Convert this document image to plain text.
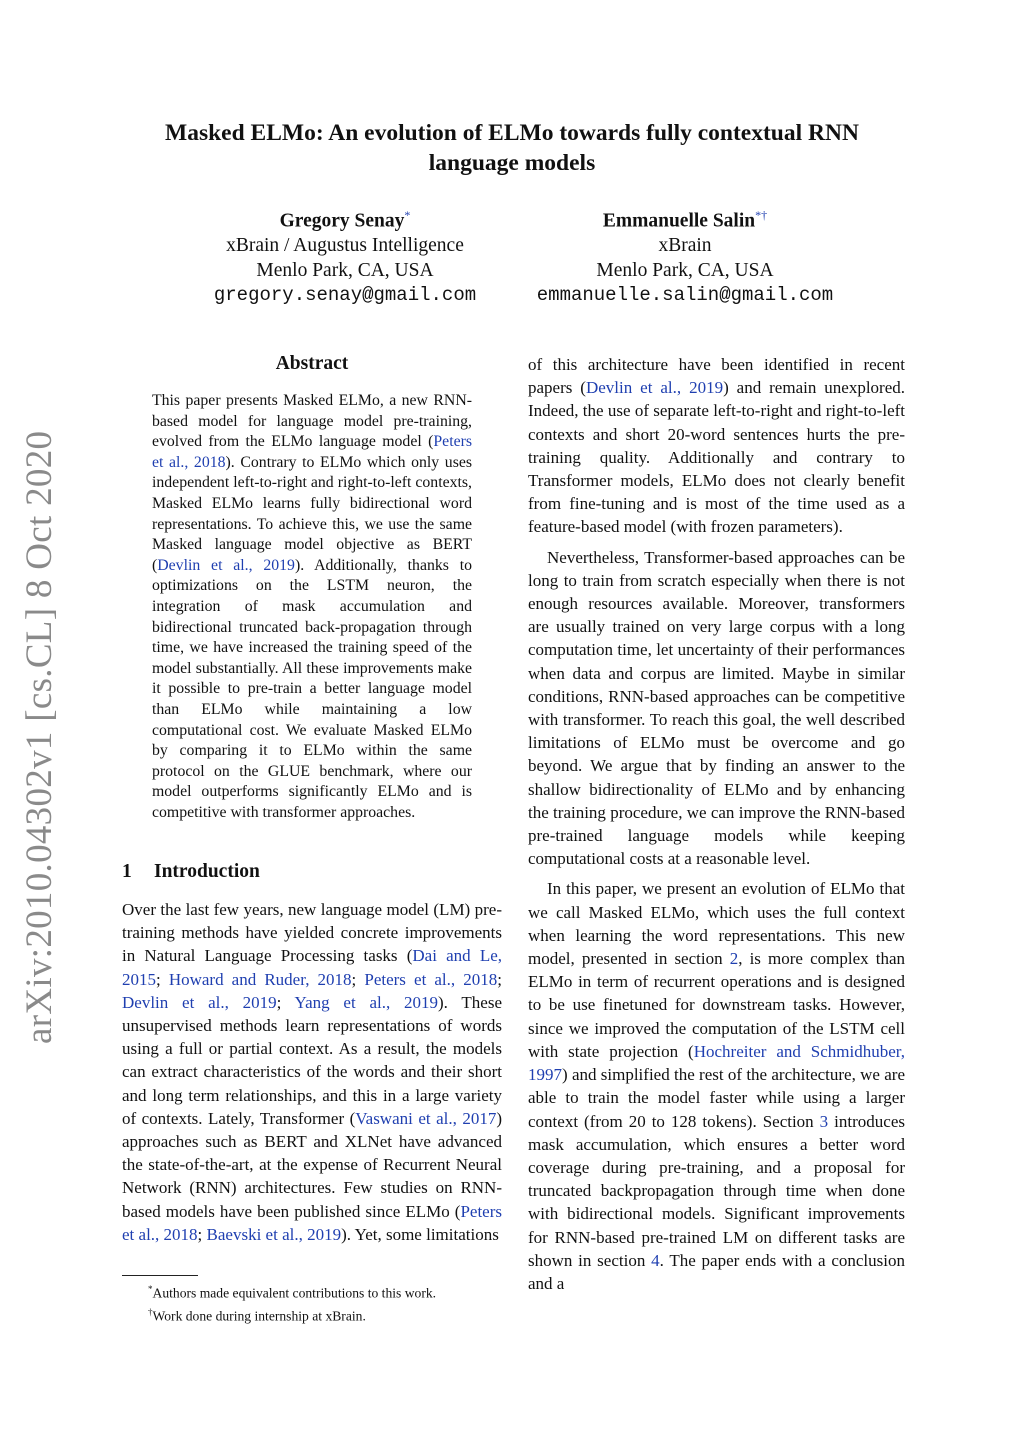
arXiv:2010.04302v1 [cs.CL] 8 Oct 2020
Masked ELMo: An evolution of ELMo towards fully contextual RNN language models
Gregory Senay*
xBrain / Augustus Intelligence
Menlo Park, CA, USA
gregory.senay@gmail.com
Emmanuelle Salin*†
xBrain
Menlo Park, CA, USA
emmanuelle.salin@gmail.com
Abstract
This paper presents Masked ELMo, a new RNN-based model for language model pre-training, evolved from the ELMo language model (Peters et al., 2018). Contrary to ELMo which only uses independent left-to-right and right-to-left contexts, Masked ELMo learns fully bidirectional word representations. To achieve this, we use the same Masked language model objective as BERT (Devlin et al., 2019). Additionally, thanks to optimizations on the LSTM neuron, the integration of mask accumulation and bidirectional truncated back-propagation through time, we have increased the training speed of the model substantially. All these improvements make it possible to pre-train a better language model than ELMo while maintaining a low computational cost. We evaluate Masked ELMo by comparing it to ELMo within the same protocol on the GLUE benchmark, where our model outperforms significantly ELMo and is competitive with transformer approaches.
1 Introduction

Over the last few years, new language model (LM) pre-training methods have yielded concrete improvements in Natural Language Processing tasks (Dai and Le, 2015; Howard and Ruder, 2018; Peters et al., 2018; Devlin et al., 2019; Yang et al., 2019). These unsupervised methods learn representations of words using a full or partial context. As a result, the models can extract characteristics of the words and their short and long term relationships, and this in a large variety of contexts. Lately, Transformer (Vaswani et al., 2017) approaches such as BERT and XLNet have advanced the state-of-the-art, at the expense of Recurrent Neural Network (RNN) architectures. Few studies on RNN-based models have been published since ELMo (Peters et al., 2018; Baevski et al., 2019). Yet, some limitations

*Authors made equivalent contributions to this work.
†Work done during internship at xBrain.

of this architecture have been identified in recent papers (Devlin et al., 2019) and remain unexplored. Indeed, the use of separate left-to-right and right-to-left contexts and short 20-word sentences hurts the pre-training quality. Additionally and contrary to Transformer models, ELMo does not clearly benefit from fine-tuning and is most of the time used as a feature-based model (with frozen parameters).

Nevertheless, Transformer-based approaches can be long to train from scratch especially when there is not enough resources available. Moreover, transformers are usually trained on very large corpus with a long computation time, let uncertainty of their performances when data and corpus are limited. Maybe in similar conditions, RNN-based approaches can be competitive with transformer. To reach this goal, the well described limitations of ELMo must be overcome and go beyond. We argue that by finding an answer to the shallow bidirectionality of ELMo and by enhancing the training procedure, we can improve the RNN-based pre-trained language models while keeping computational costs at a reasonable level.

In this paper, we present an evolution of ELMo that we call Masked ELMo, which uses the full context when learning the word representations. This new model, presented in section 2, is more complex than ELMo in term of recurrent operations and is designed to be use finetuned for downstream tasks. However, since we improved the computation of the LSTM cell with state projection (Hochreiter and Schmidhuber, 1997) and simplified the rest of the architecture, we are able to train the model faster while using a larger context (from 20 to 128 tokens). Section 3 introduces mask accumulation, which ensures a better word coverage during pre-training, and a proposal for truncated backpropagation through time when done with bidirectional models. Significant improvements for RNN-based pre-trained LM on different tasks are shown in section 4. The paper ends with a conclusion and a
